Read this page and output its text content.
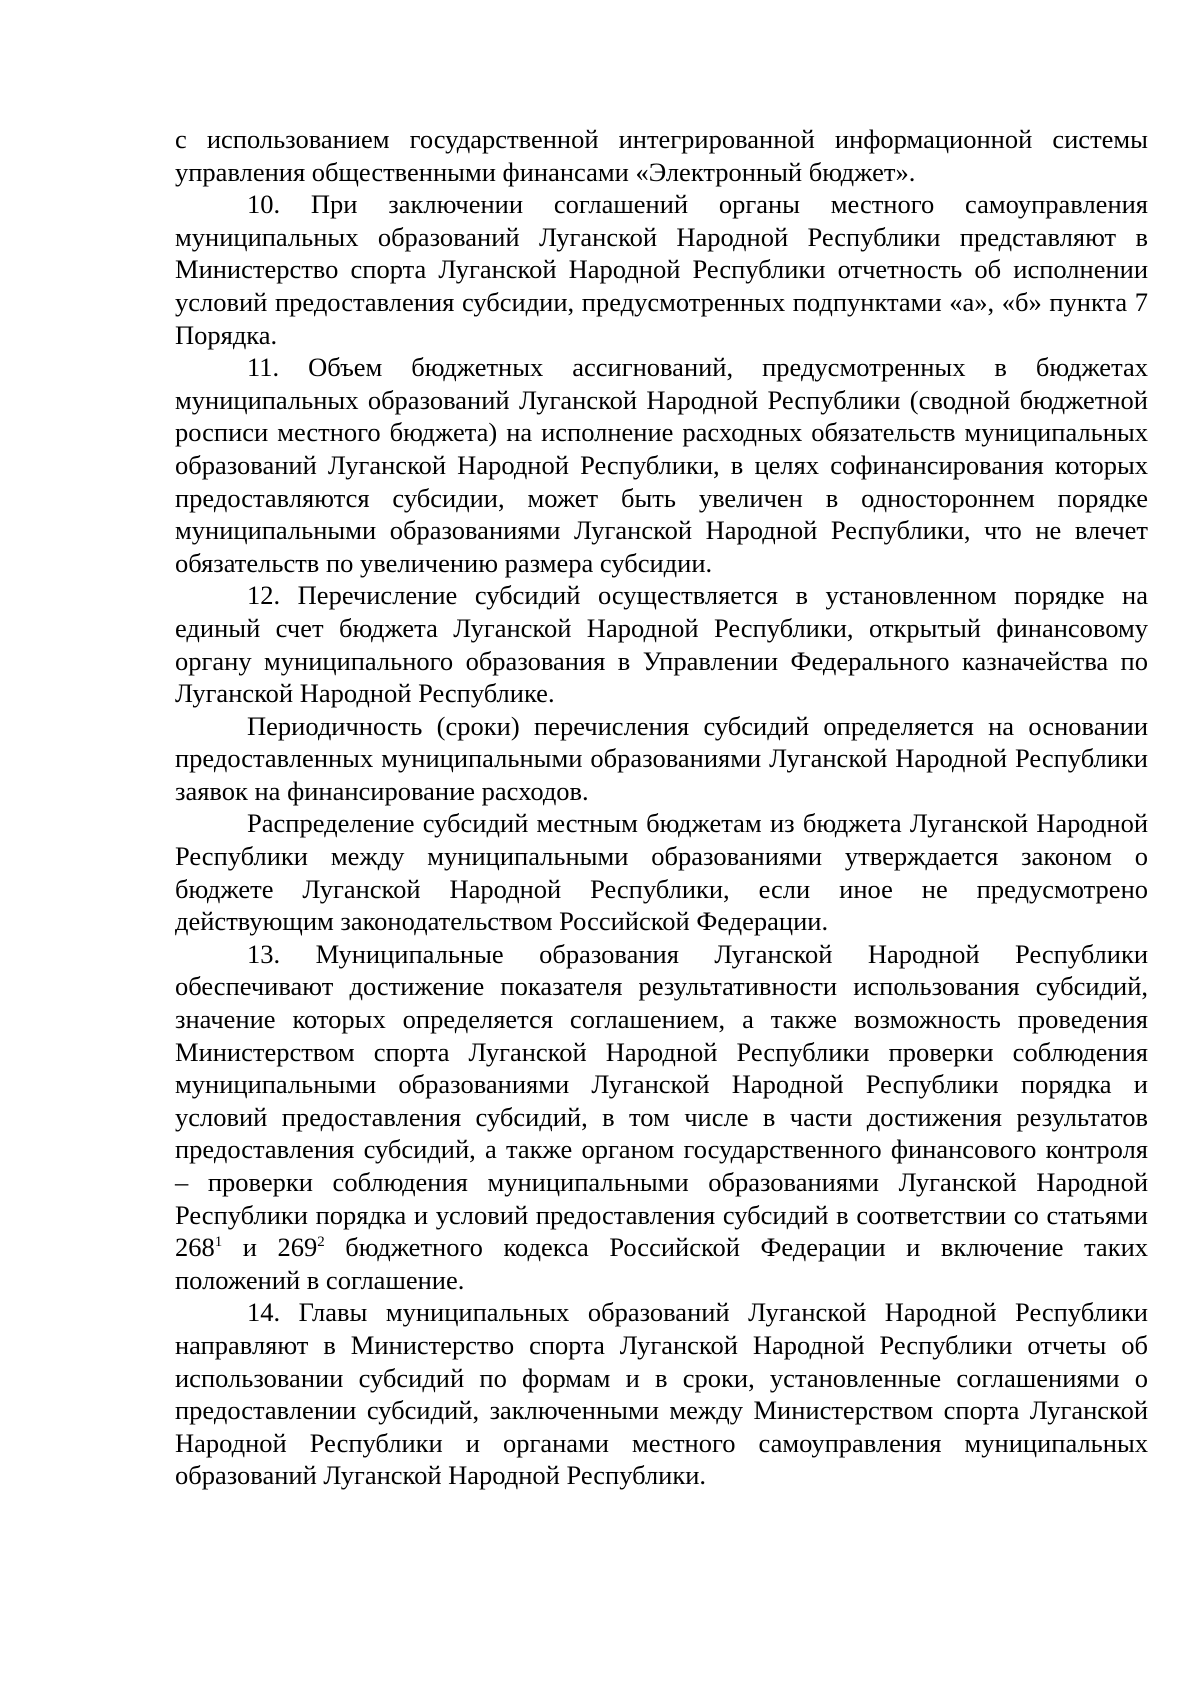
с использованием государственной интегрированной информационной системы управления общественными финансами «Электронный бюджет».

10. При заключении соглашений органы местного самоуправления муниципальных образований Луганской Народной Республики представляют в Министерство спорта Луганской Народной Республики отчетность об исполнении условий предоставления субсидии, предусмотренных подпунктами «а», «б» пункта 7 Порядка.

11. Объем бюджетных ассигнований, предусмотренных в бюджетах муниципальных образований Луганской Народной Республики (сводной бюджетной росписи местного бюджета) на исполнение расходных обязательств муниципальных образований Луганской Народной Республики, в целях софинансирования которых предоставляются субсидии, может быть увеличен в одностороннем порядке муниципальными образованиями Луганской Народной Республики, что не влечет обязательств по увеличению размера субсидии.

12. Перечисление субсидий осуществляется в установленном порядке на единый счет бюджета Луганской Народной Республики, открытый финансовому органу муниципального образования в Управлении Федерального казначейства по Луганской Народной Республике.

Периодичность (сроки) перечисления субсидий определяется на основании предоставленных муниципальными образованиями Луганской Народной Республики заявок на финансирование расходов.

Распределение субсидий местным бюджетам из бюджета Луганской Народной Республики между муниципальными образованиями утверждается законом о бюджете Луганской Народной Республики, если иное не предусмотрено действующим законодательством Российской Федерации.

13. Муниципальные образования Луганской Народной Республики обеспечивают достижение показателя результативности использования субсидий, значение которых определяется соглашением, а также возможность проведения Министерством спорта Луганской Народной Республики проверки соблюдения муниципальными образованиями Луганской Народной Республики порядка и условий предоставления субсидий, в том числе в части достижения результатов предоставления субсидий, а также органом государственного финансового контроля – проверки соблюдения муниципальными образованиями Луганской Народной Республики порядка и условий предоставления субсидий в соответствии со статьями $268^1$ и $269^2$ бюджетного кодекса Российской Федерации и включение таких положений в соглашение.

14. Главы муниципальных образований Луганской Народной Республики направляют в Министерство спорта Луганской Народной Республики отчеты об использовании субсидий по формам и в сроки, установленные соглашениями о предоставлении субсидий, заключенными между Министерством спорта Луганской Народной Республики и органами местного самоуправления муниципальных образований Луганской Народной Республики.
